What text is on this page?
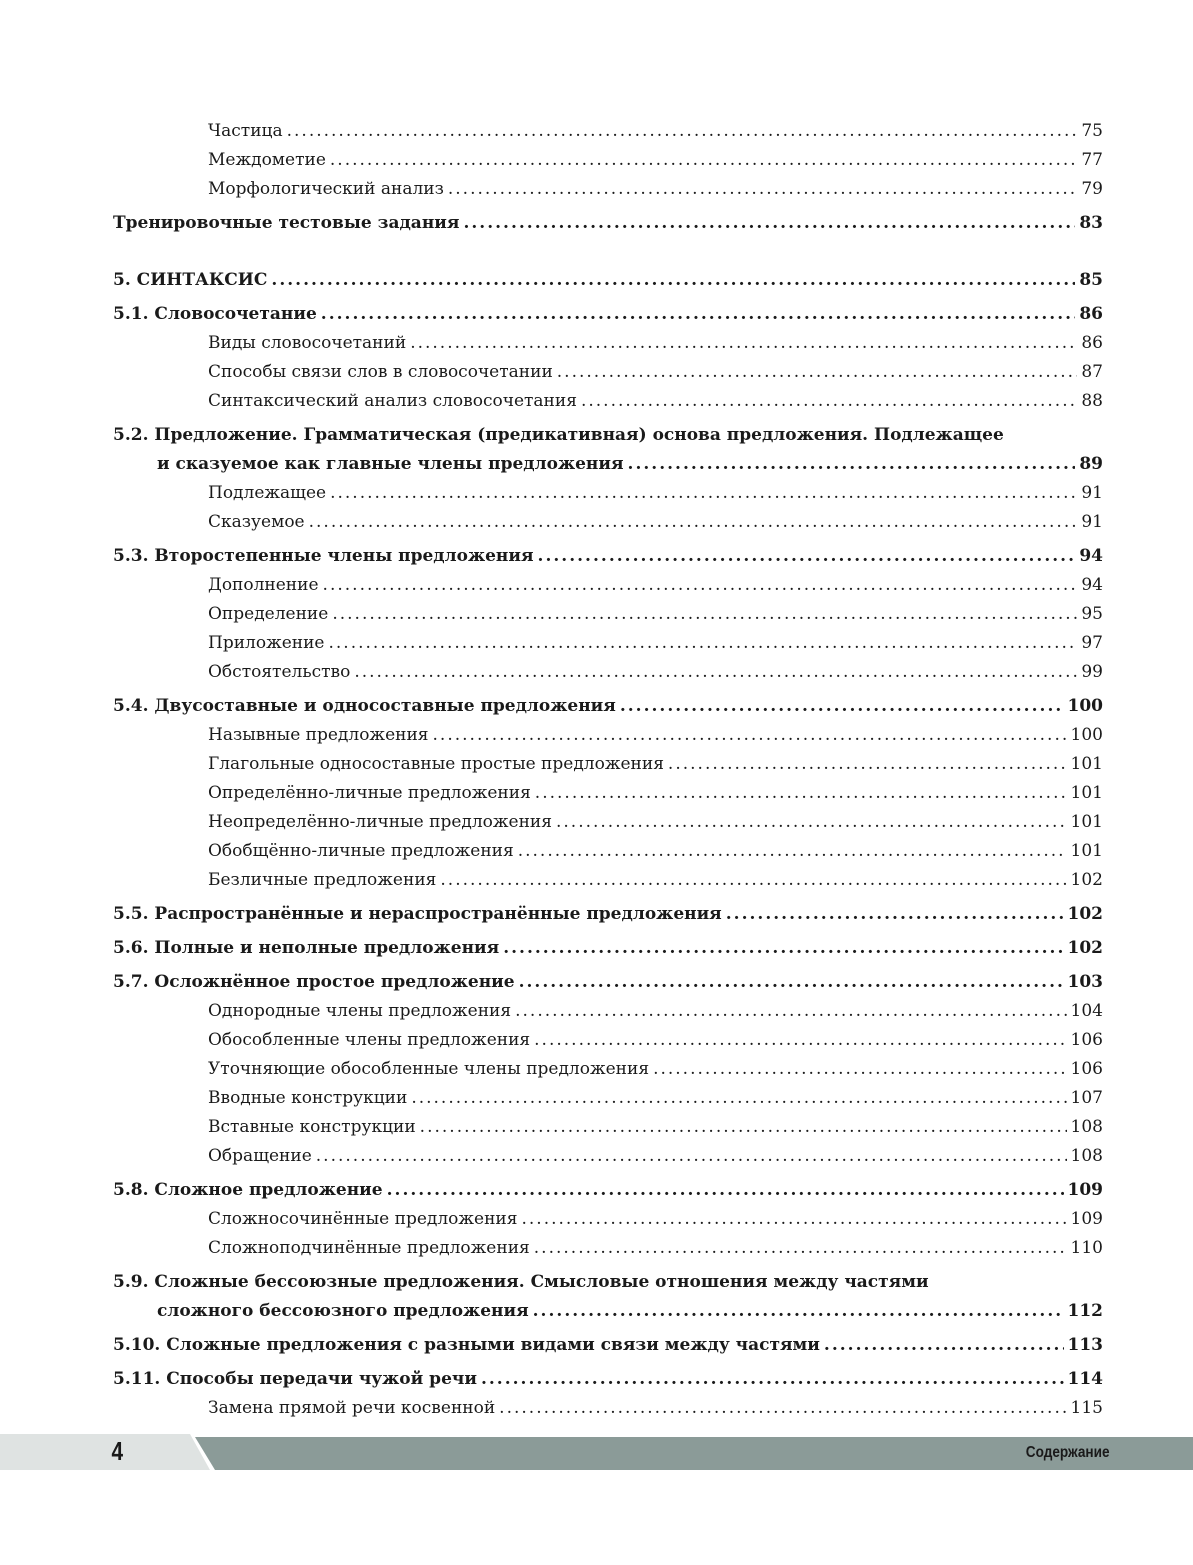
Частица .....	75
Междометие .....	77
Морфологический анализ .....	79
Тренировочные тестовые задания .....	83
5. СИНТАКСИС .....	85
5.1. Словосочетание .....	86
Виды словосочетаний .....	86
Способы связи слов в словосочетании .....	87
Синтаксический анализ словосочетания .....	88
5.2. Предложение. Грамматическая (предикативная) основа предложения. Подлежащее
и сказуемое как главные члены предложения .....	89
Подлежащее .....	91
Сказуемое .....	91
5.3. Второстепенные члены предложения .....	94
Дополнение .....	94
Определение .....	95
Приложение .....	97
Обстоятельство .....	99
5.4. Двусоставные и односоставные предложения .....	100
Назывные предложения .....	100
Глагольные односоставные простые предложения .....	101
Определённо-личные предложения .....	101
Неопределённо-личные предложения .....	101
Обобщённо-личные предложения .....	101
Безличные предложения .....	102
5.5. Распространённые и нераспространённые предложения .....	102
5.6. Полные и неполные предложения .....	102
5.7. Осложнённое простое предложение .....	103
Однородные члены предложения .....	104
Обособленные члены предложения .....	106
Уточняющие обособленные члены предложения .....	106
Вводные конструкции .....	107
Вставные конструкции .....	108
Обращение .....	108
5.8. Сложное предложение .....	109
Сложносочинённые предложения .....	109
Сложноподчинённые предложения .....	110
5.9. Сложные бессоюзные предложения. Смысловые отношения между частями
сложного бессоюзного предложения .....	112
5.10. Сложные предложения с разными видами связи между частями .....	113
5.11. Способы передачи чужой речи .....	114
Замена прямой речи косвенной .....	115
4	Содержание
